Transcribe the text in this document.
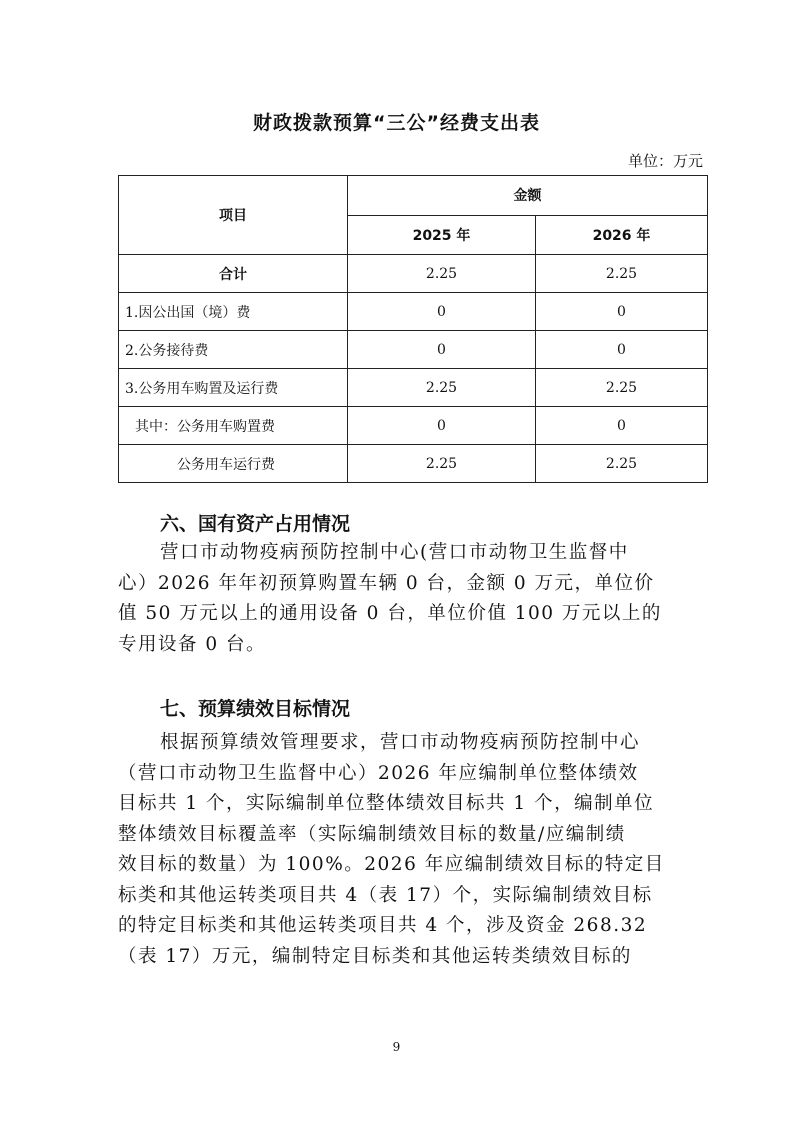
财政拨款预算“三公”经费支出表
单位：万元
项目	金额	
	2025 年	2026 年
合计	2.25	2.25
1.因公出国（境）费	0	0
2.公务接待费	0	0
3.公务用车购置及运行费	2.25	2.25
其中：公务用车购置费	0	0
公务用车运行费	2.25	2.25
六、国有资产占用情况
营口市动物疫病预防控制中心(营口市动物卫生监督中
心）2026 年年初预算购置车辆 0 台，金额 0 万元，单位价
值 50 万元以上的通用设备 0 台，单位价值 100 万元以上的
专用设备 0 台。
七、预算绩效目标情况
根据预算绩效管理要求，营口市动物疫病预防控制中心
（营口市动物卫生监督中心）2026 年应编制单位整体绩效
目标共 1 个，实际编制单位整体绩效目标共 1 个，编制单位
整体绩效目标覆盖率（实际编制绩效目标的数量/应编制绩
效目标的数量）为 100%。2026 年应编制绩效目标的特定目
标类和其他运转类项目共 4（表 17）个，实际编制绩效目标
的特定目标类和其他运转类项目共 4 个，涉及资金 268.32
（表 17）万元，编制特定目标类和其他运转类绩效目标的
9
